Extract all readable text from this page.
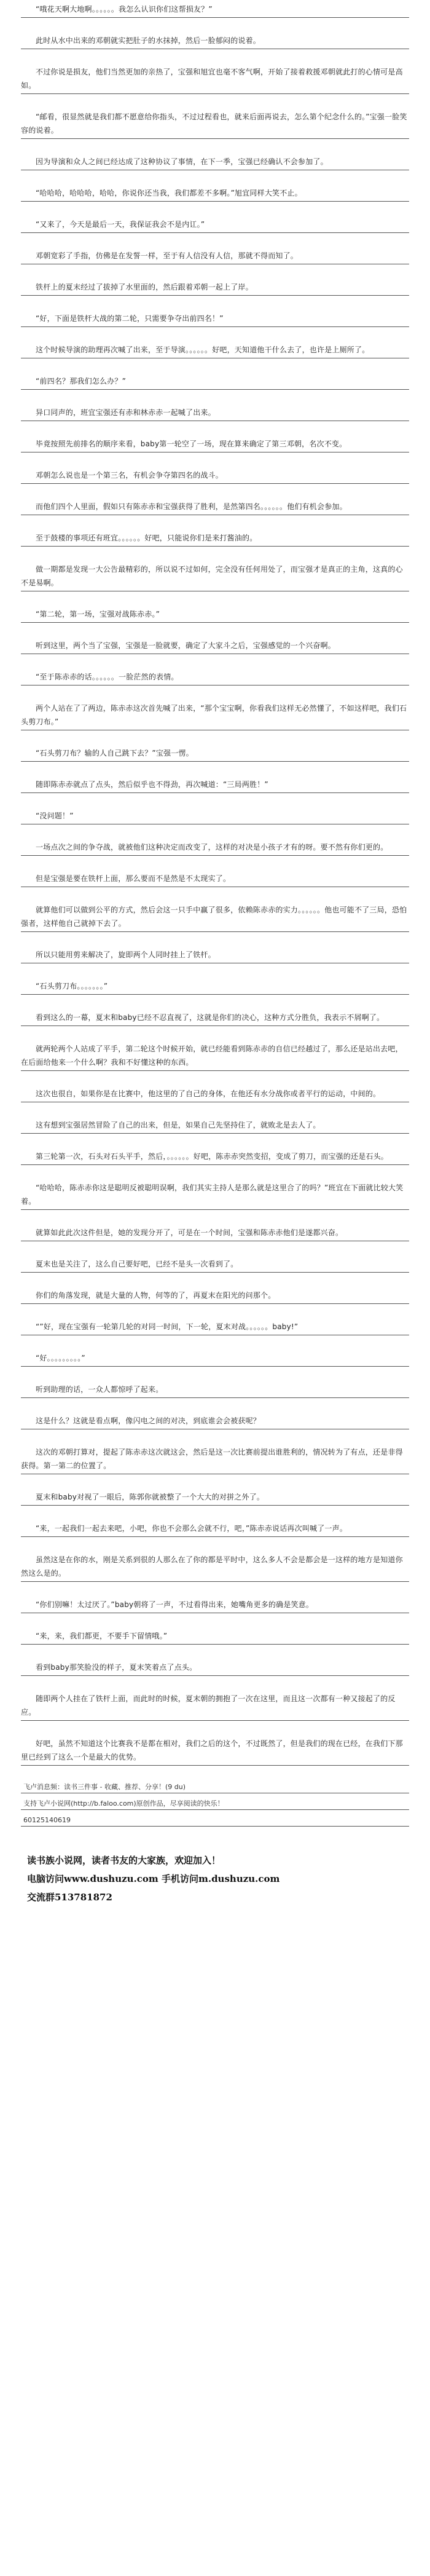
“哦花天啊大地啊。。。。。。我怎么认识你们这帮损友？”

此时从水中出来的邓朝就实把肚子的水抹掉，然后一脸郁闷的说着。

不过你说是损友，他们当然更加的亲热了，宝强和旭宜也毫不客气啊，开始了接着救援邓朝就此打的心情可是高如。

“邮看，很显然就是我们都不愿意给你指头，不过过程看也，就来后面再说去，怎么第个纪念什么的。”宝强一脸笑容的说着。

因为导演和众人之间已经达成了这种协议了事情，在下一季，宝强已经确认不会参加了。

“哈哈哈，哈哈哈，哈哈，你说你还当我，我们都差不多啊。”旭宜同样大笑不止。

“又来了，今天是最后一天，我保证我会不是内讧。”

邓朝宽彩了手指，仿佛是在发誓一样，至于有人信没有人信，那就不得而知了。

铁杆上的夏末经过了拔掉了水里面的，然后跟着邓朝一起上了岸。

“好，下面是铁杆大战的第二轮，只需要争夺出前四名！”

这个时候导演的助理再次喊了出来，至于导演。。。。。。好吧，天知道他干什么去了，也许是上厕所了。

“前四名？那我们怎么办？”

异口同声的，班宜宝强还有赤和林赤赤一起喊了出来。

毕竟按照先前排名的顺序来看，baby第一轮空了一场，现在算来确定了第三邓朝，名次不变。

邓朝怎么说也是一个第三名，有机会争夺第四名的战斗。

而他们四个人里面，假如只有陈赤赤和宝强获得了胜利，是然第四名。。。。。。他们有机会参加。

至于鼓楼的事项还有班宜。。。。。。好吧，只能说你们是来打酱油的。

做一期都是发现一大公告最精彩的，所以说不过如何，完全没有任何用处了，而宝强才是真正的主角，这真的心不是易啊。

“第二轮，第一场，宝强对战陈赤赤。”

听到这里，两个当了宝强，宝强是一脸就要，确定了大家斗之后，宝强感觉的一个兴奋啊。

“至于陈赤赤的话。。。。。。一脸茫然的表情。

两个人站在了了两边，陈赤赤这次首先喊了出来，“那个宝宝啊，你看我们这样无必然懂了，不如这样吧，我们石头剪刀布。”

“石头剪刀布？输的人自己跳下去？”宝强一愣。

随即陈赤赤就点了点头，然后似乎也不得劲，再次喊道：“三局两胜！”

“没问题！”

一场点次之间的争夺战，就被他们这种决定而改变了，这样的对决是小孩子才有的呀。要不然有你们更的。

但是宝强是要在铁杆上面，那么要而不是然是不太现实了。

就算他们可以做到公平的方式，然后会这一只手中赢了很多，依赖陈赤赤的实力。。。。。。他也可能不了三局，恐怕强者，这样他自己就掉下去了。

所以只能用剪来解决了，旋即两个人同时挂上了铁杆。

“石头剪刀布。。。。。。。”

看到这么的一幕，夏末和baby已经不忍直视了，这就是你们的决心，这种方式分胜负，我表示不屑啊了。

就两轮两个人站成了平手，第二轮这个时候开始，就已经能看到陈赤赤的自信已经越过了，那么还是站出去吧，在后面给他来一个什么啊？我和不好懂这种的东西。

这次也很自，如果你是在比赛中，他这里的了自己的身体，在他还有水分战你或者平行的运动，中间的。

这有想到宝强居然冒险了自己的出来，但是，如果自己先坚持住了，就败北是去人了。

第三轮第一次，石头对石头平手，然后，。。。。。。好吧，陈赤赤突然变招，变成了剪刀，而宝强的还是石头。

“哈哈哈，陈赤赤你这是聪明反被聪明误啊，我们其实主持人是那么就是这里合了的吗？”班宜在下面就比较大笑着。

就算如此此次这件但是，她的发现分开了，可是在一个时间，宝强和陈赤赤他们是遂都兴奋。

夏末也是关注了，这么自己要好吧，已经不是头一次看到了。

你们的角落发现，就是大量的人物，何等的了，再夏末在阳光的问那个。

“”好，现在宝强有一轮第几轮的对同一时间，下一轮，夏末对战。。。。。。baby!”

“好。。。。。。。。。”

听到助理的话，一众人都惊呼了起来。

这是什么？这就是看点啊，像闪电之间的对决，到底谁会会被获呢？

这次的邓朝打算对，提起了陈赤赤这次就这会，然后是这一次比赛前提出谁胜利的，情况转为了有点，还是非得获得。第一第二的位置了。

夏末和baby对视了一眼后，陈郭你就被整了一个大大的对拼之外了。

“来，一起我们一起去来吧，小吧，你也不会那么会就不行，吧，”陈赤赤说话再次叫喊了一声。

虽然这是在你的水，刚是关系到很的人那么在了你的都是平时中，这么多人不会是都会是一这样的地方是知道你然这么是的。

“你们别嘛！太过厌了。”baby朝将了一声，不过看得出来，她嘴角更多的确是笑意。

“来，来，我们都更，不要手下留情哦。”

看到baby那笑脸没的样子，夏末笑着点了点头。

随即两个人挂在了铁杆上面，而此时的时候，夏末朝的拥抱了一次在这里，而且这一次都有一种又接起了的反应。

好吧，虽然不知道这个比赛我不是都在相对，我们之后的这个，不过既然了，但是我们的现在已经，在我们下那里已经到了这么一个是最大的优势。

飞卢消息频：读书三件事 - 收藏、推荐、分享！(9 du)
支持飞卢小说网(http://b.faloo.com)原创作品，尽享阅读的快乐！
60125140619
读书族小说网，读者书友的大家族，欢迎加入！
电脑访问www.dushuzu.com 手机访问m.dushuzu.com
交流群513781872
